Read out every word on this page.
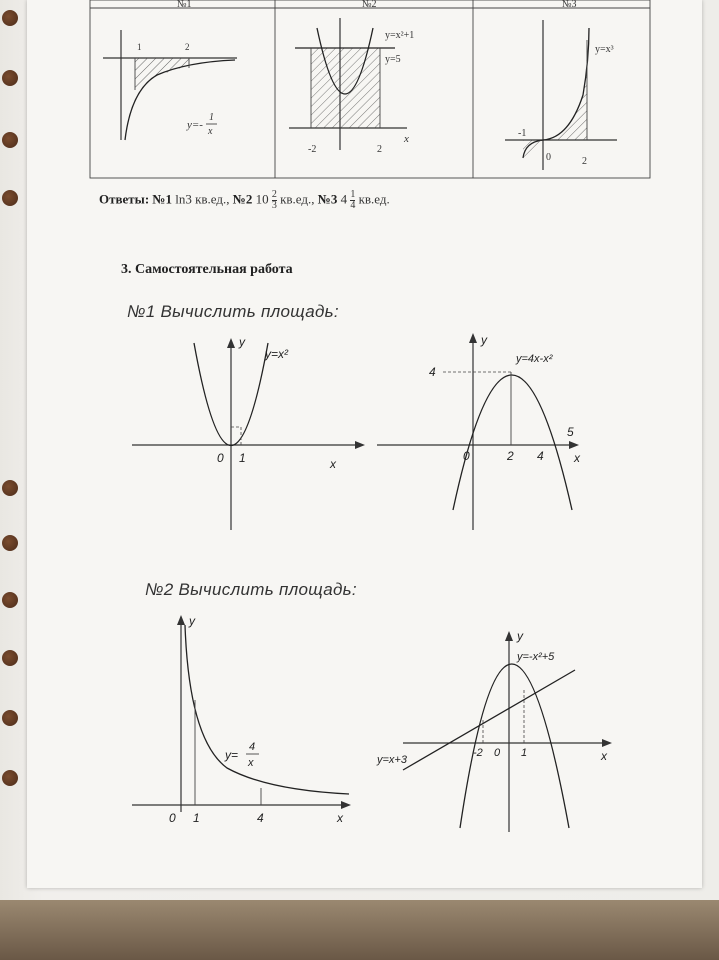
№1	№2	№3
1	2
y=-
1
x
y=x²+1
y=5
x
-2	2
y=x³
-1
0	2
y
y=x²
0 1	x
y
y=4x-x²
4
0	2 4
5
x
y
y=
4
x
0 1	4	x
y
y=-x²+5
y=x+3
-2 0 1	x
Ответы: №1 ln3 кв.ед., №2 $10 \frac{2}{3} кв.ед$., №3 $4 \frac{1}{4} кв.ед$.
3. Самостоятельная работа
№1 Вычислить площадь:
№2 Вычислить площадь:
